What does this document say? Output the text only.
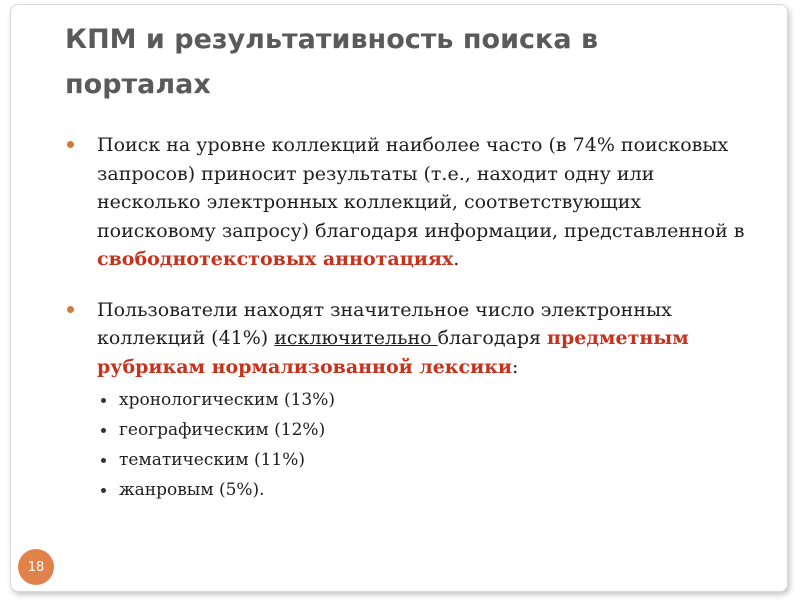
КПМ и результативность поиска в порталах
Поиск на уровне коллекций наиболее часто (в 74% поисковых запросов) приносит результаты (т.е., находит одну или несколько электронных коллекций, соответствующих поисковому запросу) благодаря информации, представленной в свободнотекстовых аннотациях.
Пользователи находят значительное число электронных коллекций (41%) исключительно благодаря предметным рубрикам нормализованной лексики:
хронологическим (13%)
географическим (12%)
тематическим (11%)
жанровым (5%).
18
